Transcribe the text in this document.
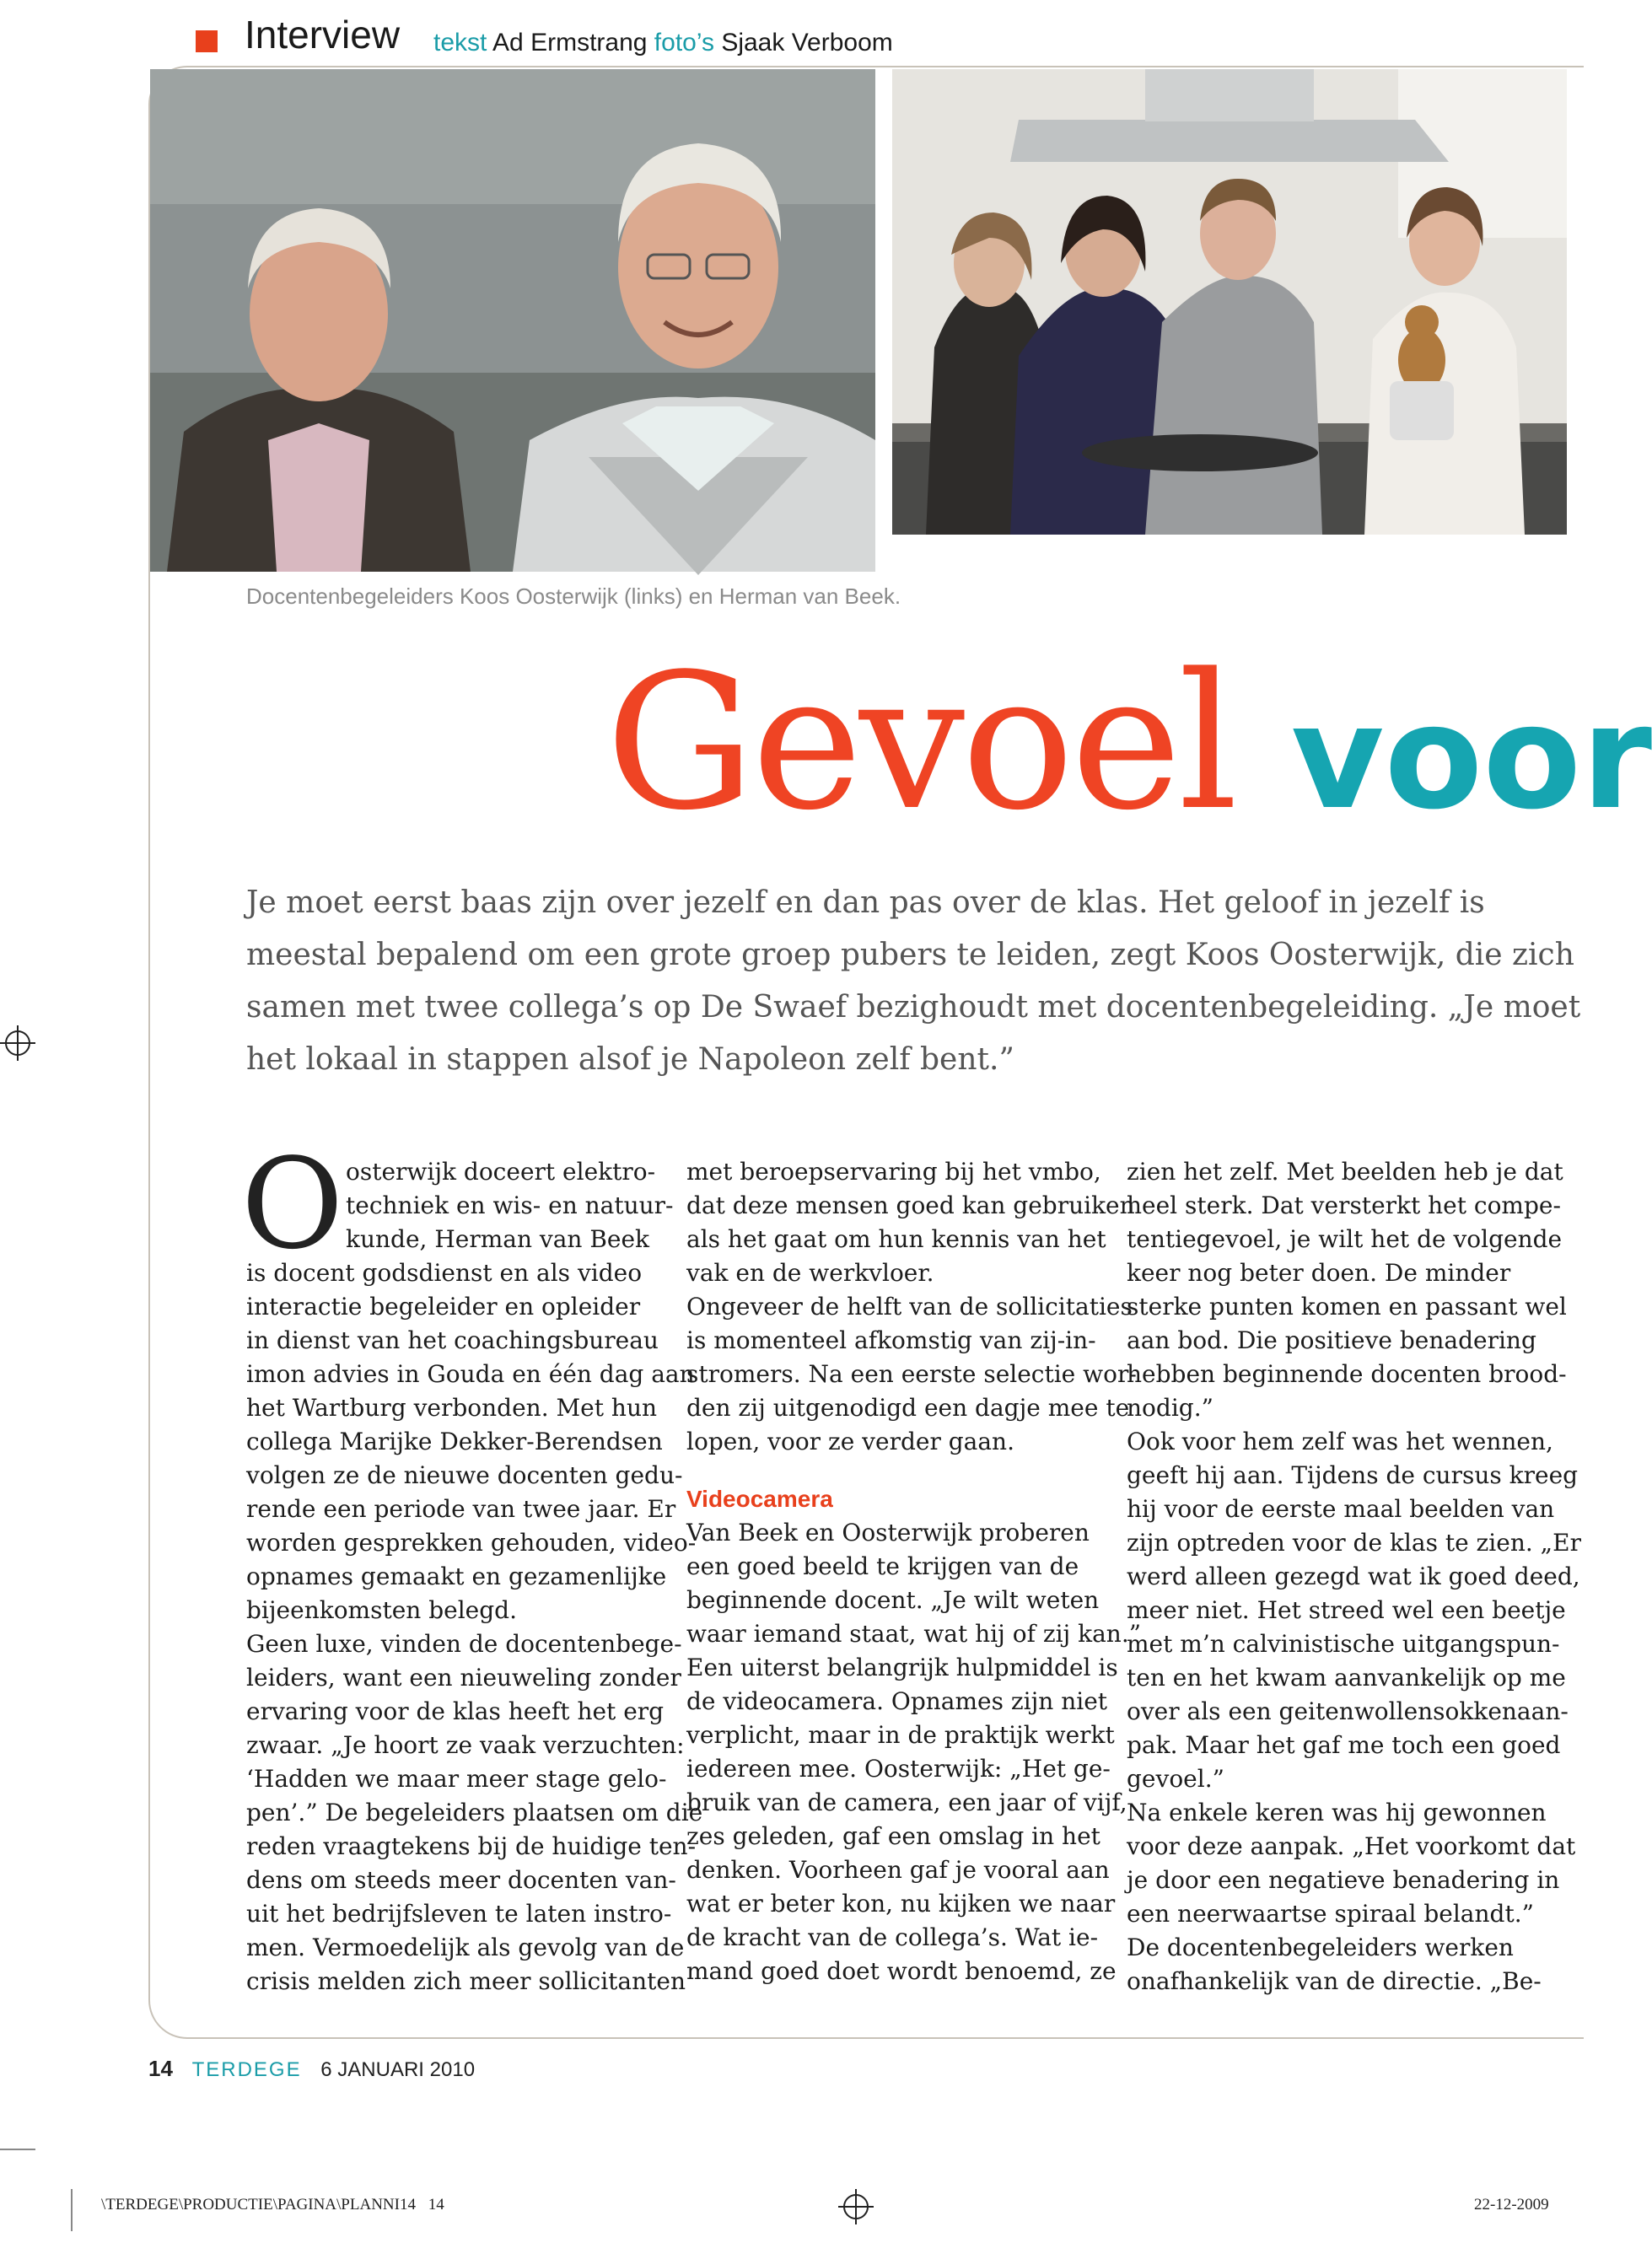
Interview tekst Ad Ermstrang foto’s Sjaak Verboom
Docentenbegeleiders Koos Oosterwijk (links) en Herman van Beek.
Gevoel voor

Je moet eerst baas zijn over jezelf en dan pas over de klas. Het geloof in jezelf is

meestal bepalend om een grote groep pubers te leiden, zegt Koos Oosterwijk, die zich

samen met twee collega’s op De Swaef bezighoudt met docentenbegeleiding. „Je moet

het lokaal in stappen alsof je Napoleon zelf bent.”

O osterwijk doceert elektro-

techniek en wis- en natuur-

kunde, Herman van Beek

is docent godsdienst en als video

interactie begeleider en opleider

in dienst van het coachingsbureau

imon advies in Gouda en één dag aan

het Wartburg verbonden. Met hun

collega Marijke Dekker-Berendsen

volgen ze de nieuwe docenten gedu-

rende een periode van twee jaar. Er

worden gesprekken gehouden, video-

opnames gemaakt en gezamenlijke

bijeenkomsten belegd.

Geen luxe, vinden de docentenbege-

leiders, want een nieuweling zonder

ervaring voor de klas heeft het erg

zwaar. „Je hoort ze vaak verzuchten:

‘Hadden we maar meer stage gelo-

pen’.” De begeleiders plaatsen om die

reden vraagtekens bij de huidige ten-

dens om steeds meer docenten van-

uit het bedrijfsleven te laten instro-

men. Vermoedelijk als gevolg van de

crisis melden zich meer sollicitanten

met beroepservaring bij het vmbo,

dat deze mensen goed kan gebruiken

als het gaat om hun kennis van het

vak en de werkvloer.

Ongeveer de helft van de sollicitaties

is momenteel afkomstig van zij-in-

stromers. Na een eerste selectie wor-

den zij uitgenodigd een dagje mee te

lopen, voor ze verder gaan.

Videocamera

Van Beek en Oosterwijk proberen

een goed beeld te krijgen van de

beginnende docent. „Je wilt weten

waar iemand staat, wat hij of zij kan.”

Een uiterst belangrijk hulpmiddel is

de videocamera. Opnames zijn niet

verplicht, maar in de praktijk werkt

iedereen mee. Oosterwijk: „Het ge-

bruik van de camera, een jaar of vijf,

zes geleden, gaf een omslag in het

denken. Voorheen gaf je vooral aan

wat er beter kon, nu kijken we naar

de kracht van de collega’s. Wat ie-

mand goed doet wordt benoemd, ze

zien het zelf. Met beelden heb je dat

heel sterk. Dat versterkt het compe-

tentiegevoel, je wilt het de volgende

keer nog beter doen. De minder

sterke punten komen en passant wel

aan bod. Die positieve benadering

hebben beginnende docenten brood-

nodig.”

Ook voor hem zelf was het wennen,

geeft hij aan. Tijdens de cursus kreeg

hij voor de eerste maal beelden van

zijn optreden voor de klas te zien. „Er

werd alleen gezegd wat ik goed deed,

meer niet. Het streed wel een beetje

met m’n calvinistische uitgangspun-

ten en het kwam aanvankelijk op me

over als een geitenwollensokkenaan-

pak. Maar het gaf me toch een goed

gevoel.”

Na enkele keren was hij gewonnen

voor deze aanpak. „Het voorkomt dat

je door een negatieve benadering in

een neerwaartse spiraal belandt.”

De docentenbegeleiders werken

onafhankelijk van de directie. „Be-

14 TERDEGE 6 JANUARI 2010
\TERDEGE\PRODUCTIE\PAGINA\PLANNI14 14	22-12-2009
